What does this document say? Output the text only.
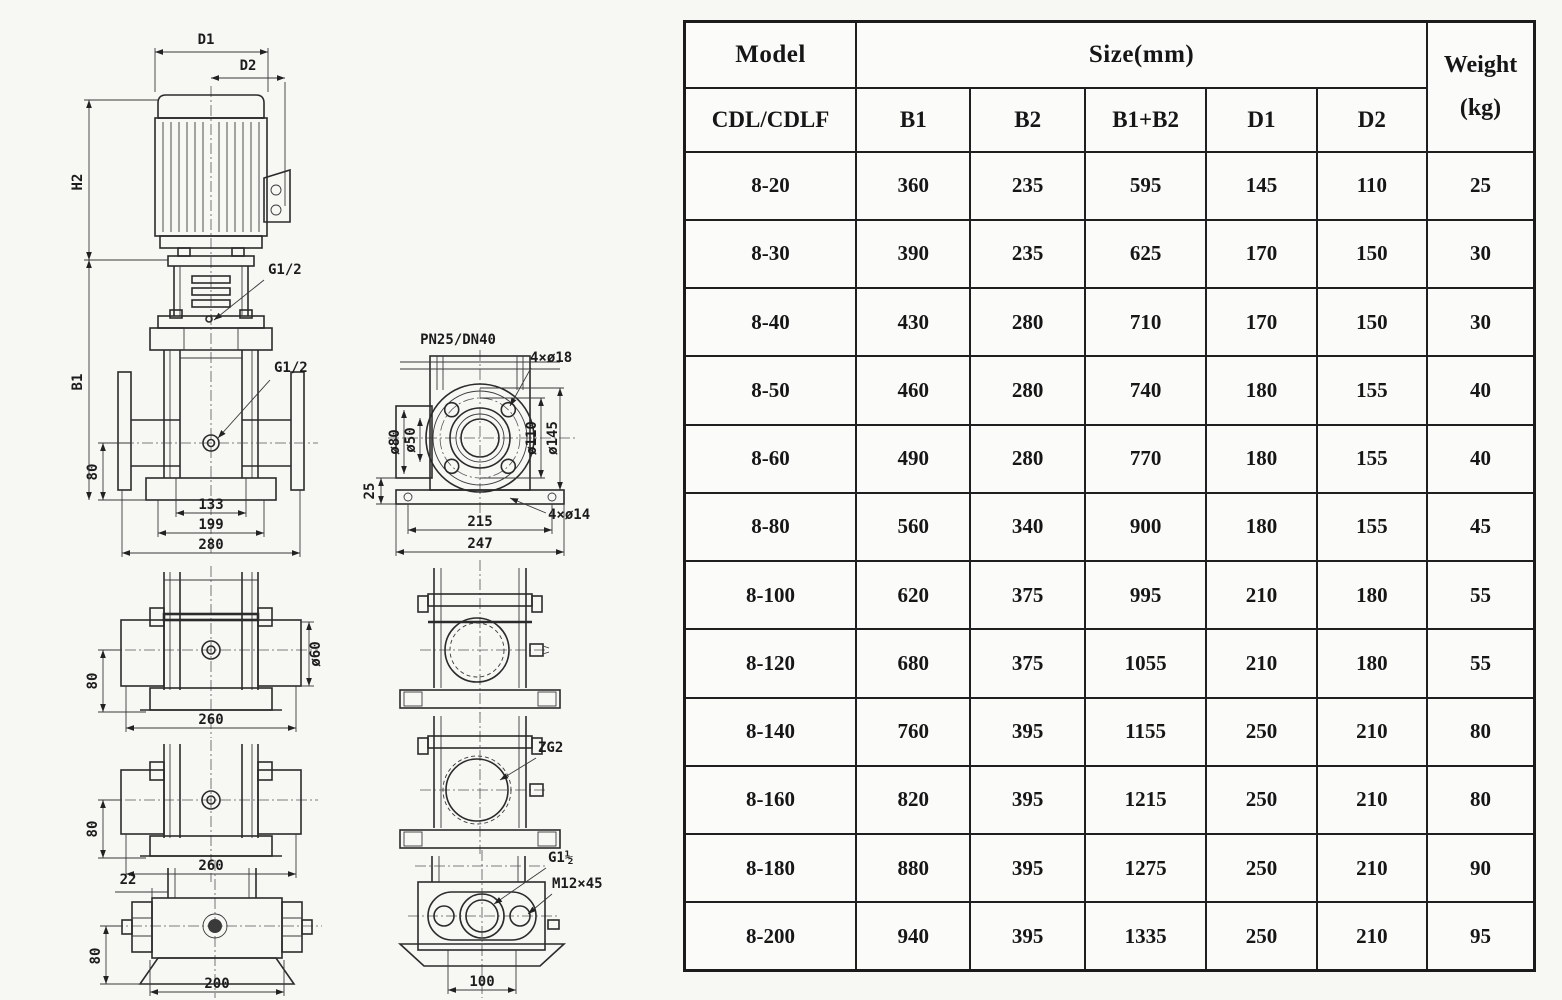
D1
D2
H2
G1/2
G1/2
80
B1
133
199
280
PN25/DN40
4×ø18
ø80 ø50	ø110 ø145
25
4×ø14
215
247
80
260
ø60
80
260
22
80
200
ZG2
G1½
M12×45
100
Model	Size(mm)					Weight
(kg)

CDL/CDLF	B1	B2	B1+B2	D1	D2	
8-20	360	235	595	145	110	25
8-30	390	235	625	170	150	30
8-40	430	280	710	170	150	30
8-50	460	280	740	180	155	40
8-60	490	280	770	180	155	40
8-80	560	340	900	180	155	45
8-100	620	375	995	210	180	55
8-120	680	375	1055	210	180	55
8-140	760	395	1155	250	210	80
8-160	820	395	1215	250	210	80
8-180	880	395	1275	250	210	90
8-200	940	395	1335	250	210	95
